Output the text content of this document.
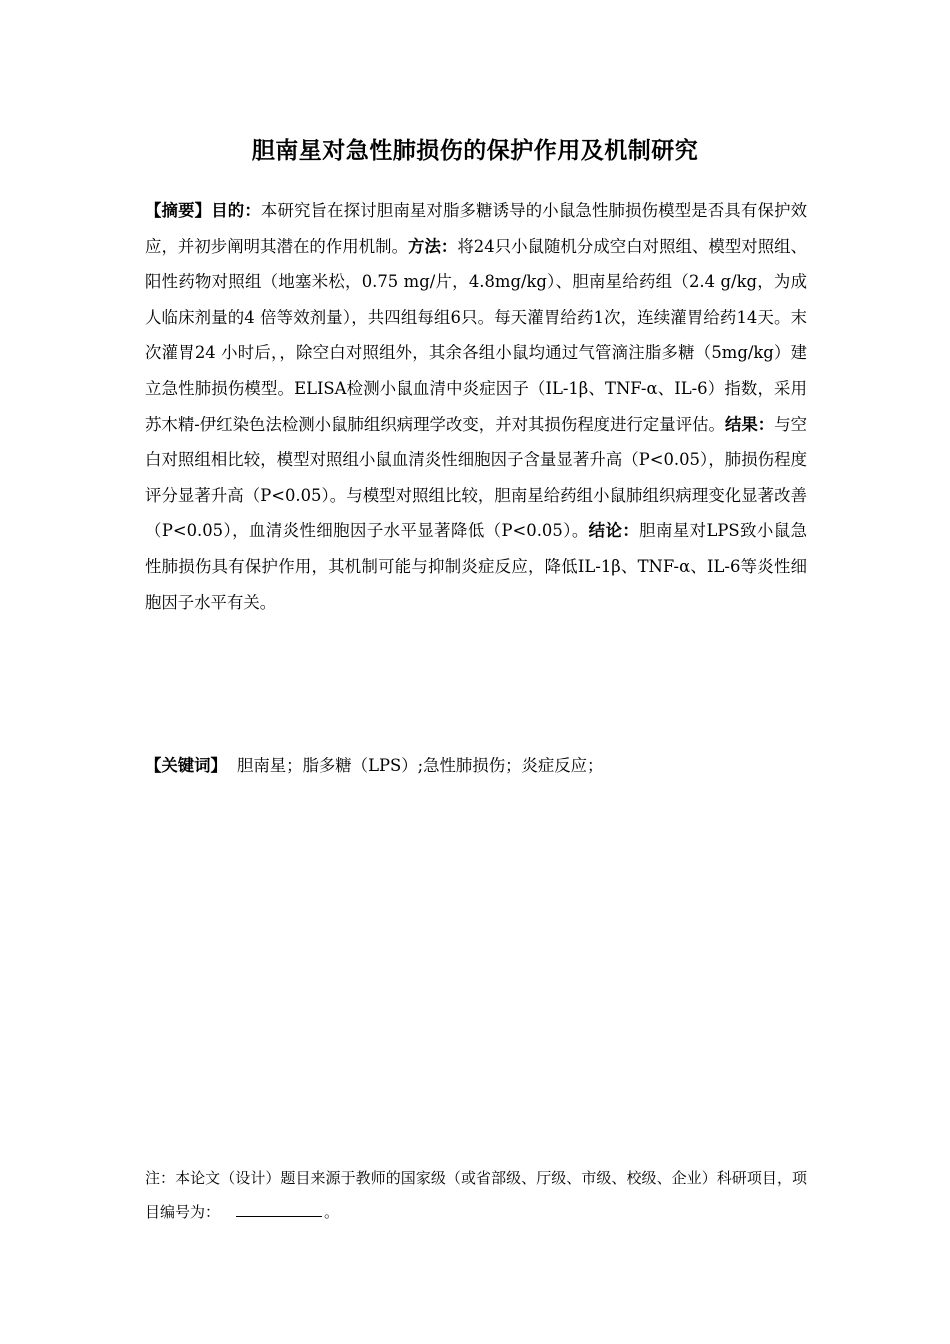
胆南星对急性肺损伤的保护作用及机制研究

【摘要】目的：本研究旨在探讨胆南星对脂多糖诱导的小鼠急性肺损伤模型是否具有保护效应，并初步阐明其潜在的作用机制。方法：将24只小鼠随机分成空白对照组、模型对照组、阳性药物对照组（地塞米松，0.75 mg/片，4.8mg/kg）、胆南星给药组（2.4 g/kg，为成人临床剂量的4 倍等效剂量），共四组每组6只。每天灌胃给药1次，连续灌胃给药14天。末次灌胃24 小时后，，除空白对照组外，其余各组小鼠均通过气管滴注脂多糖（5mg/kg）建立急性肺损伤模型。ELISA检测小鼠血清中炎症因子（IL-1β、TNF-α、IL-6）指数，采用苏木精-伊红染色法检测小鼠肺组织病理学改变，并对其损伤程度进行定量评估。结果：与空白对照组相比较，模型对照组小鼠血清炎性细胞因子含量显著升高（P<0.05），肺损伤程度评分显著升高（P<0.05）。与模型对照组比较，胆南星给药组小鼠肺组织病理变化显著改善（P<0.05），血清炎性细胞因子水平显著降低（P<0.05）。结论：胆南星对LPS致小鼠急性肺损伤具有保护作用，其机制可能与抑制炎症反应，降低IL-1β、TNF-α、IL-6等炎性细胞因子水平有关。

【关键词】 胆南星；脂多糖（LPS）;急性肺损伤；炎症反应；

注：本论文（设计）题目来源于教师的国家级（或省部级、厅级、市级、校级、企业）科研项目，项目编号为：	。
